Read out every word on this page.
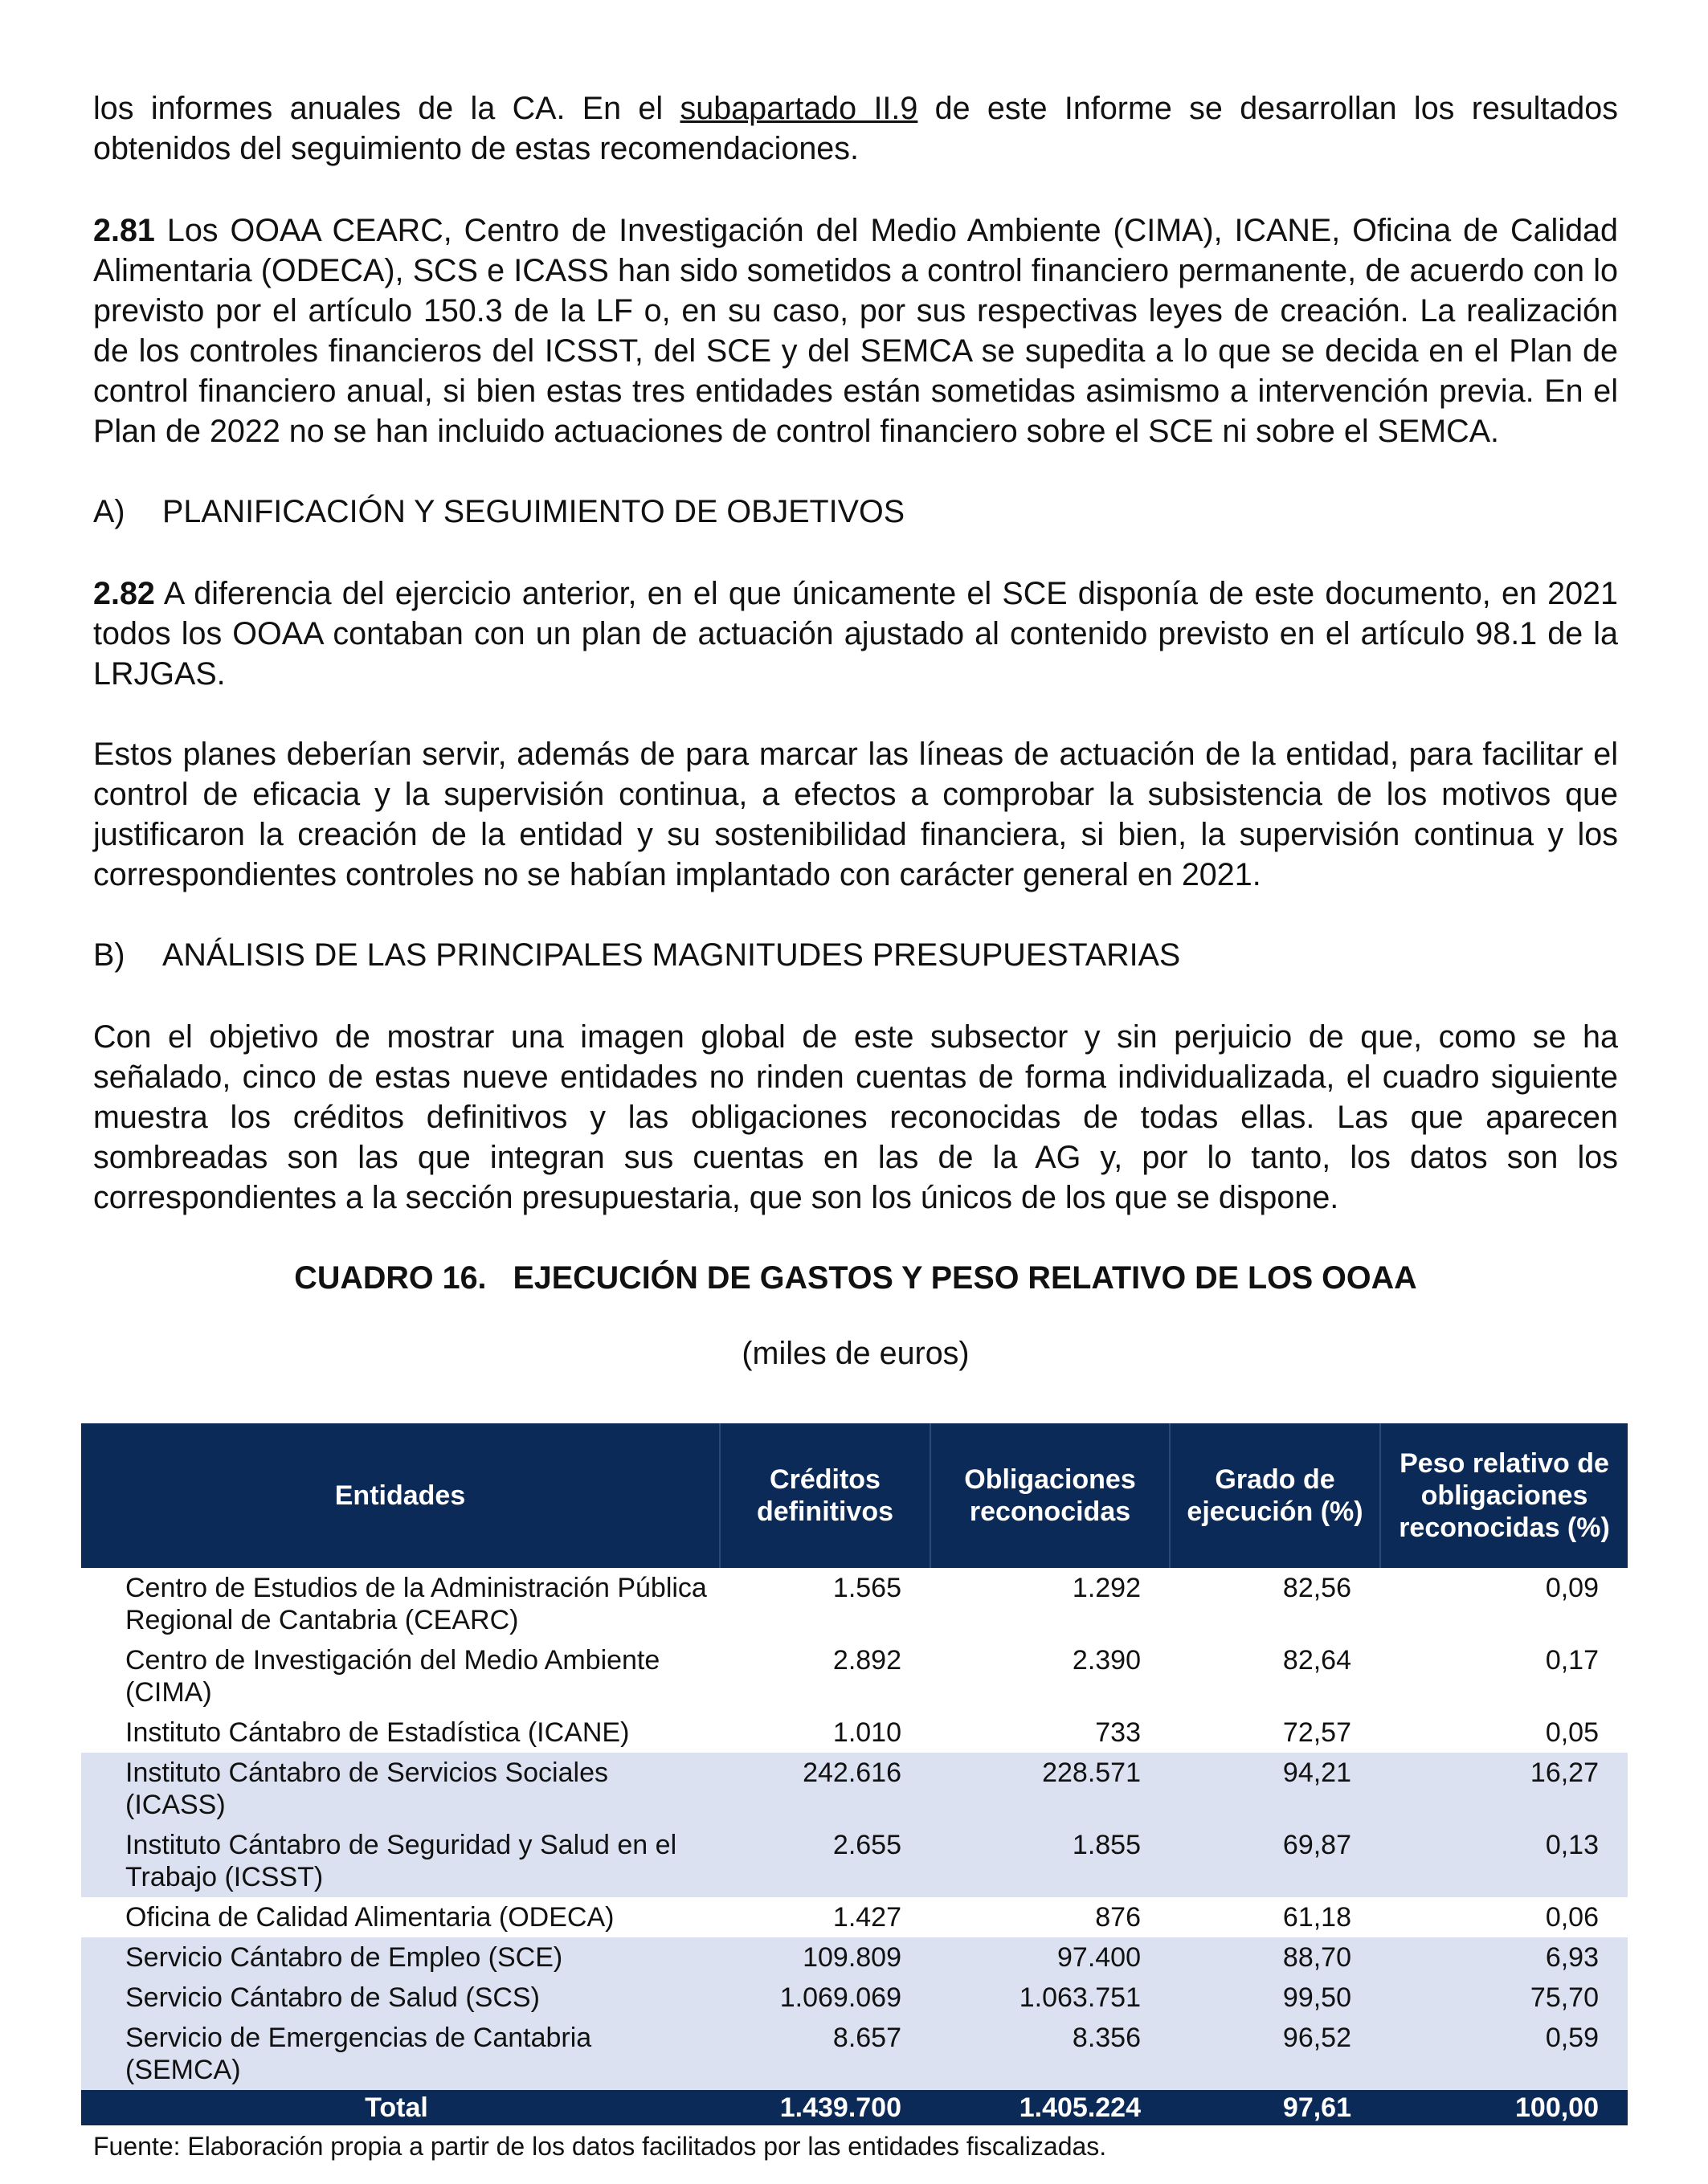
los informes anuales de la CA. En el subapartado II.9 de este Informe se desarrollan los resultados obtenidos del seguimiento de estas recomendaciones.

2.81 Los OOAA CEARC, Centro de Investigación del Medio Ambiente (CIMA), ICANE, Oficina de Calidad Alimentaria (ODECA), SCS e ICASS han sido sometidos a control financiero permanente, de acuerdo con lo previsto por el artículo 150.3 de la LF o, en su caso, por sus respectivas leyes de creación. La realización de los controles financieros del ICSST, del SCE y del SEMCA se supedita a lo que se decida en el Plan de control financiero anual, si bien estas tres entidades están sometidas asimismo a intervención previa. En el Plan de 2022 no se han incluido actuaciones de control financiero sobre el SCE ni sobre el SEMCA.

A)	PLANIFICACIÓN Y SEGUIMIENTO DE OBJETIVOS

2.82 A diferencia del ejercicio anterior, en el que únicamente el SCE disponía de este documento, en 2021 todos los OOAA contaban con un plan de actuación ajustado al contenido previsto en el artículo 98.1 de la LRJGAS.

Estos planes deberían servir, además de para marcar las líneas de actuación de la entidad, para facilitar el control de eficacia y la supervisión continua, a efectos a comprobar la subsistencia de los motivos que justificaron la creación de la entidad y su sostenibilidad financiera, si bien, la supervisión continua y los correspondientes controles no se habían implantado con carácter general en 2021.

B)	ANÁLISIS DE LAS PRINCIPALES MAGNITUDES PRESUPUESTARIAS

Con el objetivo de mostrar una imagen global de este subsector y sin perjuicio de que, como se ha señalado, cinco de estas nueve entidades no rinden cuentas de forma individualizada, el cuadro siguiente muestra los créditos definitivos y las obligaciones reconocidas de todas ellas. Las que aparecen sombreadas son las que integran sus cuentas en las de la AG y, por lo tanto, los datos son los correspondientes a la sección presupuestaria, que son los únicos de los que se dispone.

CUADRO 16.   EJECUCIÓN DE GASTOS Y PESO RELATIVO DE LOS OOAA
(miles de euros)
Entidades	Créditos definitivos	Obligaciones reconocidas	Grado de ejecución (%)	Peso relativo de obligaciones reconocidas (%)
Centro de Estudios de la Administración Pública Regional de Cantabria (CEARC)	1.565	1.292	82,56	0,09
Centro de Investigación del Medio Ambiente (CIMA)	2.892	2.390	82,64	0,17
Instituto Cántabro de Estadística (ICANE)	1.010	733	72,57	0,05
Instituto Cántabro de Servicios Sociales (ICASS)	242.616	228.571	94,21	16,27
Instituto Cántabro de Seguridad y Salud en el Trabajo (ICSST)	2.655	1.855	69,87	0,13
Oficina de Calidad Alimentaria (ODECA)	1.427	876	61,18	0,06
Servicio Cántabro de Empleo (SCE)	109.809	97.400	88,70	6,93
Servicio Cántabro de Salud (SCS)	1.069.069	1.063.751	99,50	75,70
Servicio de Emergencias de Cantabria (SEMCA)	8.657	8.356	96,52	0,59
Total	1.439.700	1.405.224	97,61	100,00
Fuente: Elaboración propia a partir de los datos facilitados por las entidades fiscalizadas.
